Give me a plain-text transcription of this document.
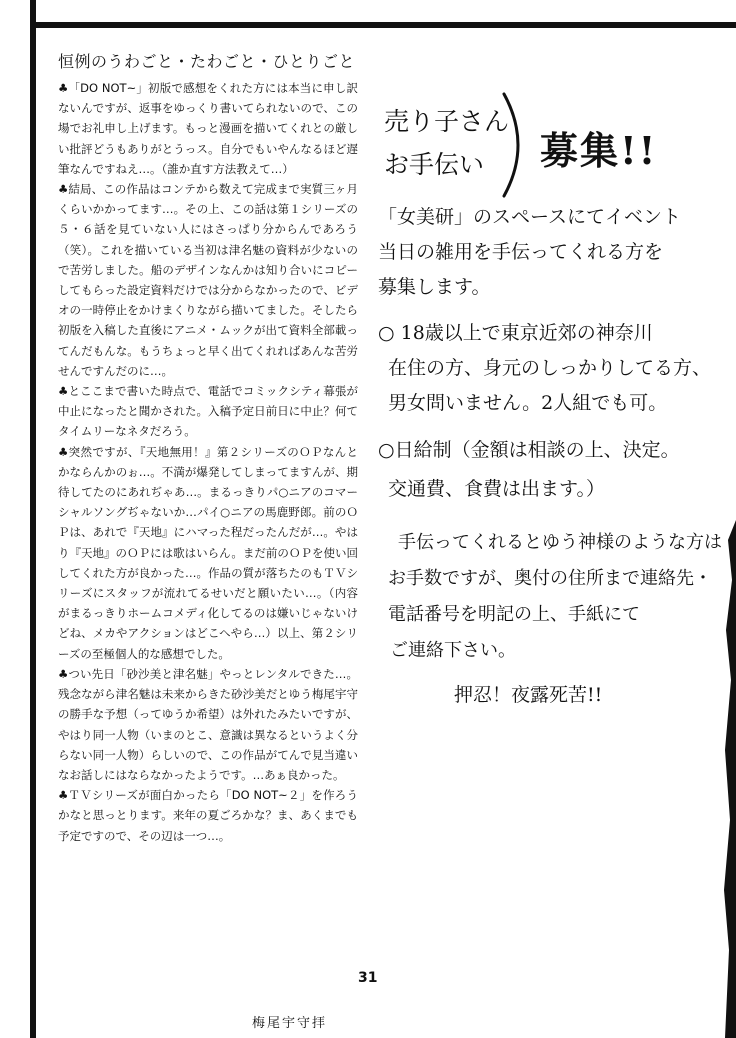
恒例のうわごと・たわごと・ひとりごと

♣「DO NOT~」初版で感想をくれた方には本当に申し訳ないんですが、返事をゆっくり書いてられないので、この場でお礼申し上げます。もっと漫画を描いてくれとの厳しい批評どうもありがとうっス。自分でもいやんなるほど遅筆なんですねえ…。（誰か直す方法教えて…）

♣結局、この作品はコンテから数えて完成まで実質三ヶ月くらいかかってます…。その上、この話は第１シリーズの５・６話を見ていない人にはさっぱり分からんであろう（笑）。これを描いている当初は津名魅の資料が少ないので苦労しました。船のデザインなんかは知り合いにコピーしてもらった設定資料だけでは分からなかったので、ビデオの一時停止をかけまくりながら描いてました。そしたら初版を入稿した直後にアニメ・ムックが出て資料全部載ってんだもんな。もうちょっと早く出てくれればあんな苦労せんですんだのに…。

♣とここまで書いた時点で、電話でコミックシティ幕張が中止になったと聞かされた。入稿予定日前日に中止？何てタイムリーなネタだろう。

♣突然ですが、『天地無用！』第２シリーズのＯＰなんとかならんかのぉ…。不満が爆発してしまってますんが、期待してたのにあれぢゃあ…。まるっきりパ○ニアのコマーシャルソングぢゃないか…パイ○ニアの馬鹿野郎。前のＯＰは、あれで『天地』にハマった程だったんだが…。やはり『天地』のＯＰには歌はいらん。まだ前のＯＰを使い回してくれた方が良かった…。作品の質が落ちたのもＴＶシリーズにスタッフが流れてるせいだと願いたい…。（内容がまるっきりホームコメディ化してるのは嫌いじゃないけどね、メカやアクションはどこへやら…）以上、第２シリーズの至極個人的な感想でした。

♣つい先日「砂沙美と津名魅」やっとレンタルできた…。残念ながら津名魅は未来からきた砂沙美だとゆう梅尾宇守の勝手な予想（ってゆうか希望）は外れたみたいですが、やはり同一人物（いまのとこ、意識は異なるというよく分らない同一人物）らしいので、この作品がてんで見当違いなお話しにはならなかったようです。…あぁ良かった。

♣ＴＶシリーズが面白かったら「DO NOT~２」を作ろうかなと思っとります。来年の夏ごろかな？ま、あくまでも予定ですので、その辺は一つ…。

31
梅尾宇守拝
売り子さん
お手伝い 募集!!
「女美研」のスペースにてイベント
当日の雑用を手伝ってくれる方を
募集します。
○ 18歳以上で東京近郊の神奈川
在住の方、身元のしっかりしてる方、
男女問いません。2人組でも可。
○日給制（金額は相談の上、決定。
交通費、食費は出ます。）
手伝ってくれるとゆう神様のような方は
お手数ですが、奥付の住所まで連絡先・
電話番号を明記の上、手紙にて
ご連絡下さい。
押忍！夜露死苦!!
